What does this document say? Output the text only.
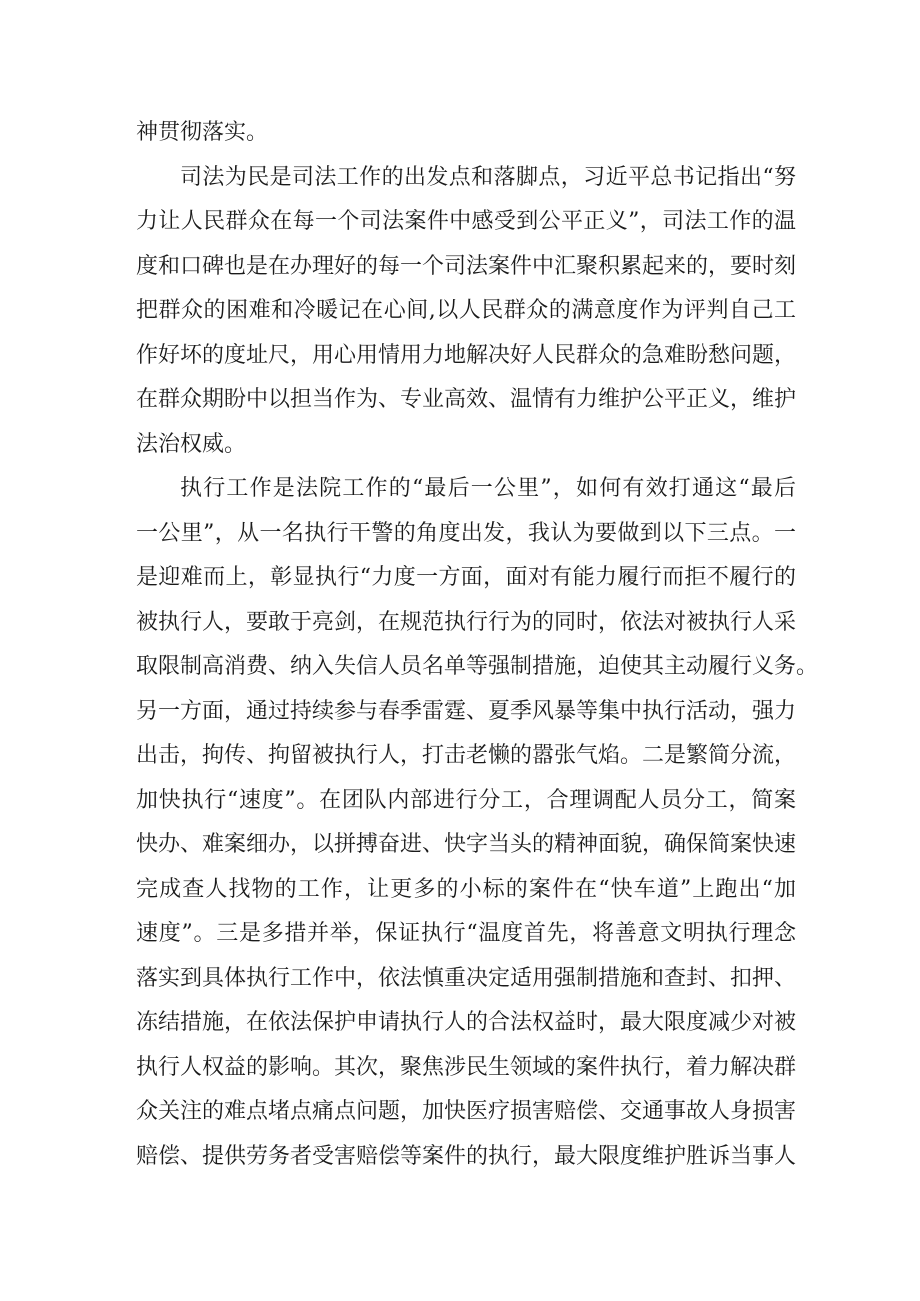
神贯彻落实。
司法为民是司法工作的出发点和落脚点，习近平总书记指出“努
力让人民群众在每一个司法案件中感受到公平正义”，司法工作的温
度和口碑也是在办理好的每一个司法案件中汇聚积累起来的，要时刻
把群众的困难和冷暖记在心间,以人民群众的满意度作为评判自己工
作好坏的度址尺，用心用情用力地解决好人民群众的急难盼愁问题，
在群众期盼中以担当作为、专业高效、温情有力维护公平正义，维护
法治权威。
执行工作是法院工作的“最后一公里”，如何有效打通这“最后
一公里”，从一名执行干警的角度出发，我认为要做到以下三点。一
是迎难而上，彰显执行“力度一方面，面对有能力履行而拒不履行的
被执行人，要敢于亮剑，在规范执行行为的同时，依法对被执行人采
取限制高消费、纳入失信人员名单等强制措施，迫使其主动履行义务。
另一方面，通过持续参与春季雷霆、夏季风暴等集中执行活动，强力
出击，拘传、拘留被执行人，打击老懒的嚣张气焰。二是繁简分流，
加快执行“速度”。在团队内部进行分工，合理调配人员分工，简案
快办、难案细办，以拼搏奋进、快字当头的精神面貌，确保简案快速
完成查人找物的工作，让更多的小标的案件在“快车道”上跑出“加
速度”。三是多措并举，保证执行“温度首先，将善意文明执行理念
落实到具体执行工作中，依法慎重决定适用强制措施和查封、扣押、
冻结措施，在依法保护申请执行人的合法权益时，最大限度减少对被
执行人权益的影响。其次，聚焦涉民生领域的案件执行，着力解决群
众关注的难点堵点痛点问题，加快医疗损害赔偿、交通事故人身损害
赔偿、提供劳务者受害赔偿等案件的执行，最大限度维护胜诉当事人
